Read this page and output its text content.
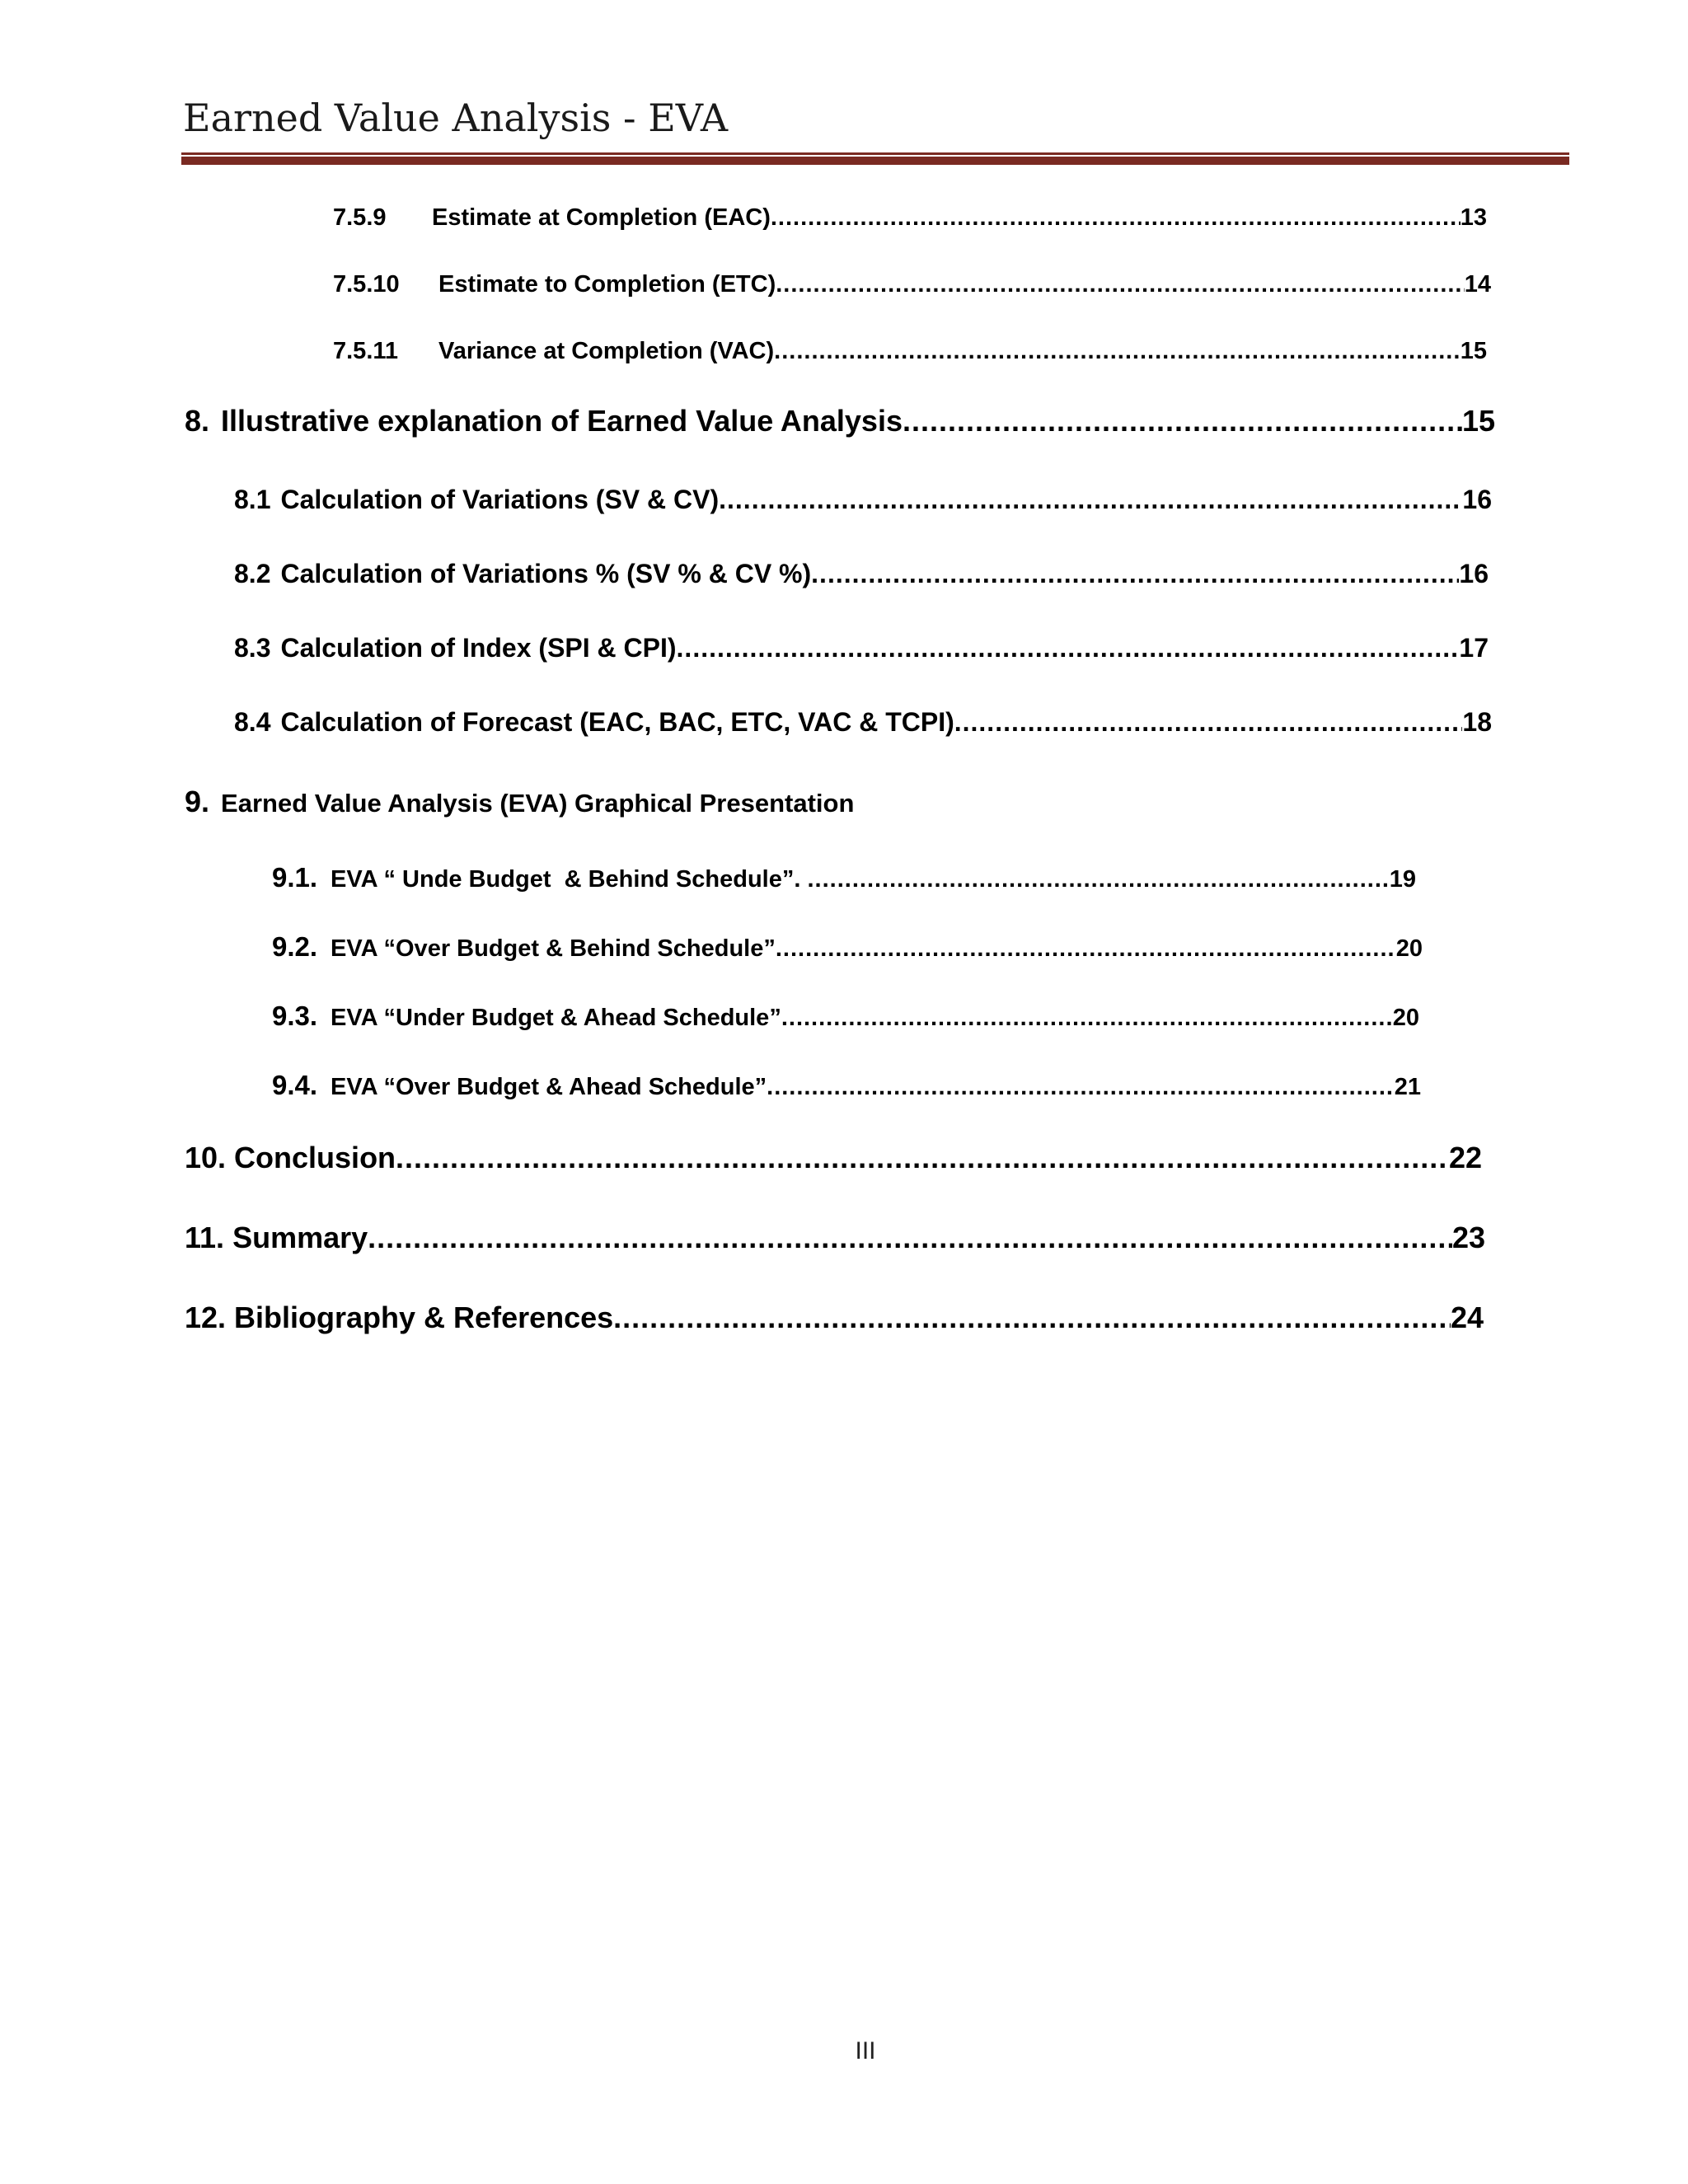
Earned Value Analysis - EVA
7.5.9	Estimate at Completion (EAC) .....	13
7.5.10	Estimate to Completion (ETC) .....	14
7.5.11	Variance at Completion (VAC) .....	15
8. Illustrative explanation of Earned Value Analysis .....	15
8.1 Calculation of Variations (SV & CV) .....	16
8.2 Calculation of Variations % (SV % & CV %) .....	16
8.3 Calculation of Index (SPI & CPI) .....	17
8.4 Calculation of Forecast (EAC, BAC, ETC, VAC & TCPI) .....	18
9. Earned Value Analysis (EVA) Graphical Presentation
9.1. EVA “ Unde Budget  & Behind Schedule”. .....	19
9.2. EVA “Over Budget & Behind Schedule” .....	20
9.3. EVA “Under Budget & Ahead Schedule” .....	20
9.4. EVA “Over Budget & Ahead Schedule” .....	21
10. Conclusion .....	22
11. Summary .....	23
12. Bibliography & References .....	24
III
